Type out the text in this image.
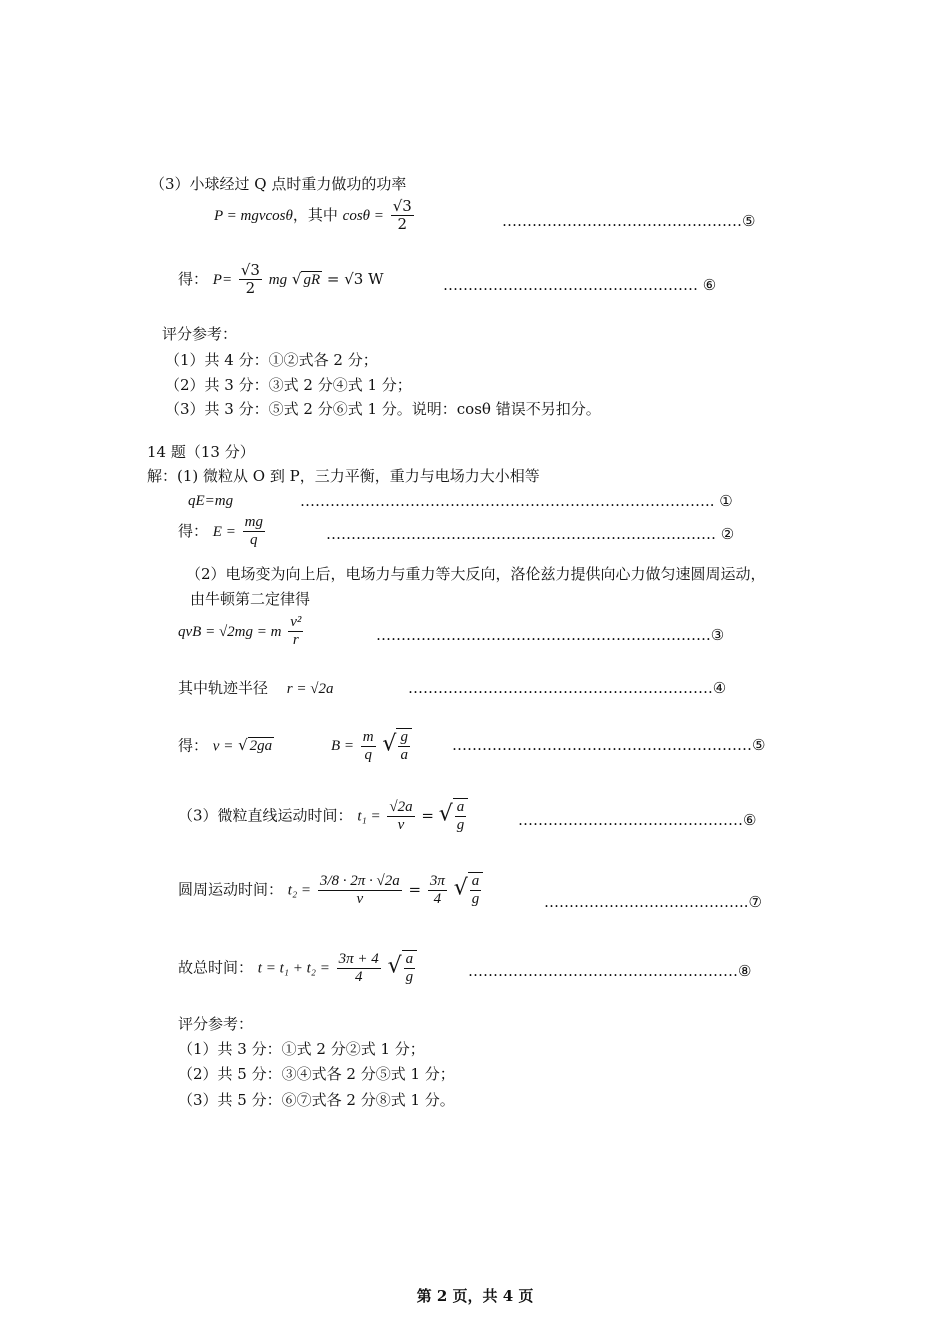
（3）小球经过 Q 点时重力做功的功率
P = mgvcosθ，其中 $\cos\theta = \frac{√3}{2}$	…………………………………………⑤
得： $P= \frac{√3}{2}$ mg √ gR = √3 W	…………………………………………… ⑥
评分参考：
（1）共 4 分：①②式各 2 分；
（2）共 3 分：③式 2 分④式 1 分；
（3）共 3 分：⑤式 2 分⑥式 1 分。说明：cosθ 错误不另扣分。
14 题（13 分）
解：(1) 微粒从 O 到 P，三力平衡，重力与电场力大小相等
qE=mg	……………………………………………………………………….. ①
得： $E = \frac{mg}{q}$	…………………………………………………………………… ②
（2）电场变为向上后，电场力与重力等大反向，洛伦兹力提供向心力做匀速圆周运动，
由牛顿第二定律得
qvB = √2mg = m $\frac{\text{v²}}{r}$	………………………………………………………….③
其中轨迹半径 r = √2a	…………………………………………………….④
得： v = √ 2ga	$B = \frac{m}{q}$ √ $\frac{g}{a}$	……………………………………………………⑤
（3）微粒直线运动时间： $t_1 = \frac{√2a}{v}$ = √ $\frac{a}{g}$	………………………………………⑥
圆周运动时间： $t_2 = \frac{3/8 \cdot 2\pi \cdot √2a}{v} = \frac{3\pi}{4}$ √ $\frac{a}{g}$	…………………………………..⑦
故总时间： $t = t_1 + t_2 = \frac{3\pi + 4}{4}$ √ $\frac{a}{g}$	………………………………………………⑧
评分参考：
（1）共 3 分：①式 2 分②式 1 分；
（2）共 5 分：③④式各 2 分⑤式 1 分；
（3）共 5 分：⑥⑦式各 2 分⑧式 1 分。
第 2 页，共 4 页
